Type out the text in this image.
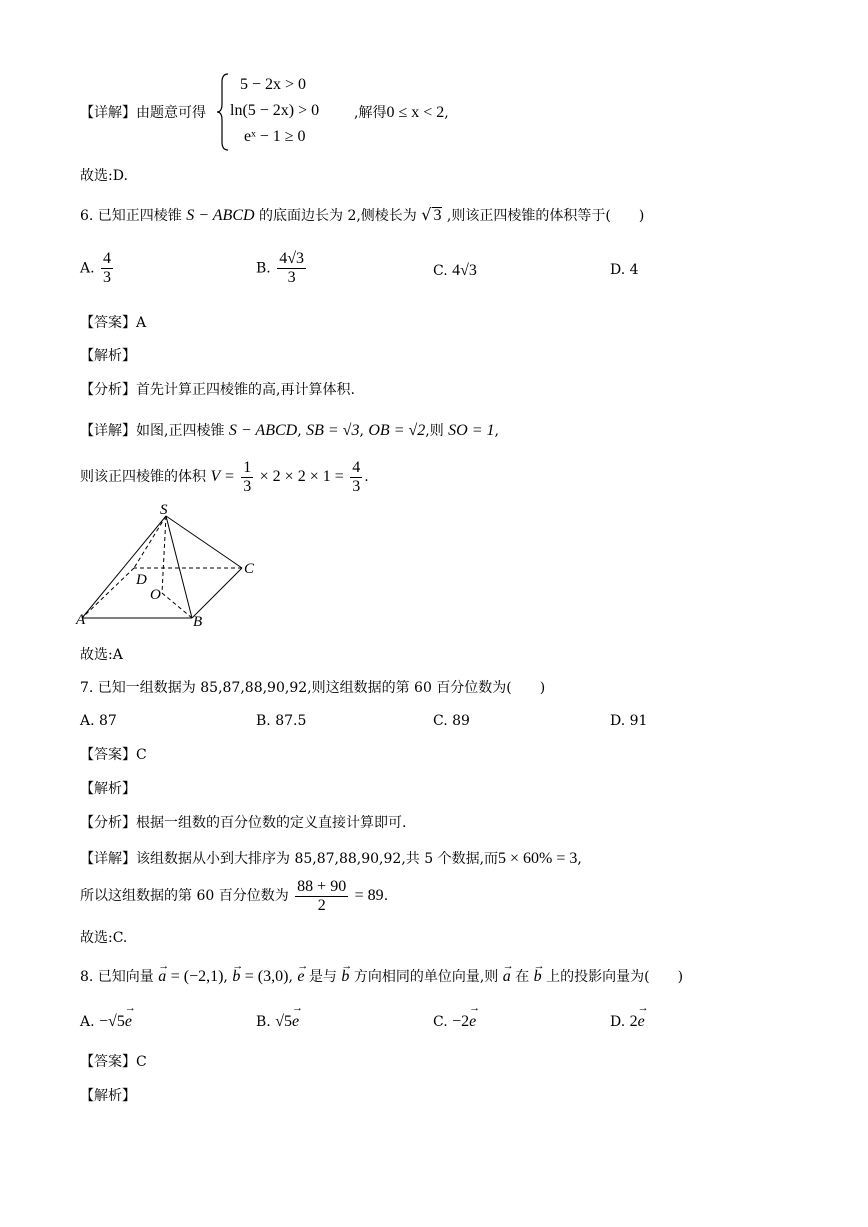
【详解】由题意可得
5 − 2x > 0
ln(5 − 2x) > 0
eˣ − 1 ≥ 0
,解得0 ≤ x < 2,
故选:D.
6. 已知正四棱锥 S − ABCD 的底面边长为 2,侧棱长为 √ 3 ,则该正四棱锥的体积等于(　　)
A. $\frac{4}{3}$	B. $\frac{4√3}{3}$	C. 4√3	D. 4
【答案】A
【解析】
【分析】首先计算正四棱锥的高,再计算体积.
【详解】如图,正四棱锥 S − ABCD, SB = √3, OB = √2,则 SO = 1,
则该正四棱锥的体积 $V = \frac{1}{3} \times 2 \times 2 \times 1 = \frac{4}{3}$ .
S
D
C
O
A	B
故选:A
7. 已知一组数据为 85,87,88,90,92,则这组数据的第 60 百分位数为(　　)
A. 87	B. 87.5	C. 89	D. 91
【答案】C
【解析】
【分析】根据一组数的百分位数的定义直接计算即可.
【详解】该组数据从小到大排序为 85,87,88,90,92,共 5 个数据,而5 × 60% = 3,
所以这组数据的第 60 百分位数为 $\frac{88 + 90}{2} = 89$.
故选:C.
8. 已知向量 → a = (−2,1), → b = (3,0), → e 是与 → b 方向相同的单位向量,则 → a 在 → b 上的投影向量为(　　)
A. −√5→ e	B. √5→ e	C. −2→ e	D. 2→ e
【答案】C
【解析】
